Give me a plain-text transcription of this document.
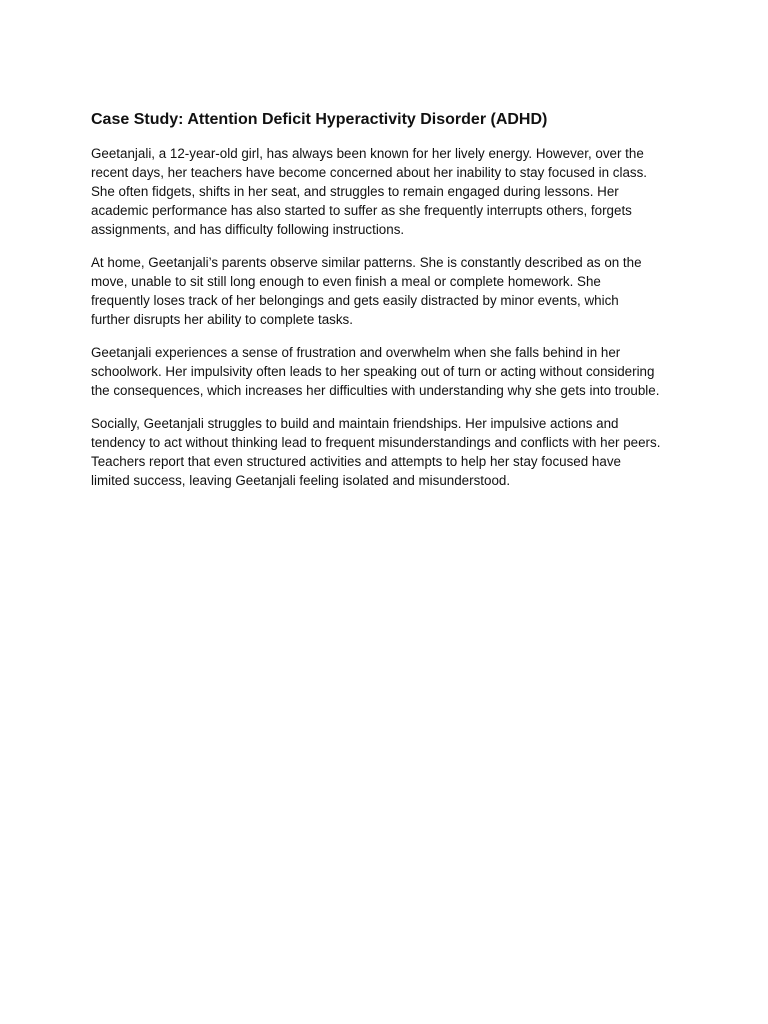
Case Study: Attention Deficit Hyperactivity Disorder (ADHD)

Geetanjali, a 12-year-old girl, has always been known for her lively energy. However, over the
recent days, her teachers have become concerned about her inability to stay focused in class.
She often fidgets, shifts in her seat, and struggles to remain engaged during lessons. Her
academic performance has also started to suffer as she frequently interrupts others, forgets
assignments, and has difficulty following instructions.

At home, Geetanjali’s parents observe similar patterns. She is constantly described as on the
move, unable to sit still long enough to even finish a meal or complete homework. She
frequently loses track of her belongings and gets easily distracted by minor events, which
further disrupts her ability to complete tasks.

Geetanjali experiences a sense of frustration and overwhelm when she falls behind in her
schoolwork. Her impulsivity often leads to her speaking out of turn or acting without considering
the consequences, which increases her difficulties with understanding why she gets into trouble.

Socially, Geetanjali struggles to build and maintain friendships. Her impulsive actions and
tendency to act without thinking lead to frequent misunderstandings and conflicts with her peers.
Teachers report that even structured activities and attempts to help her stay focused have
limited success, leaving Geetanjali feeling isolated and misunderstood.
